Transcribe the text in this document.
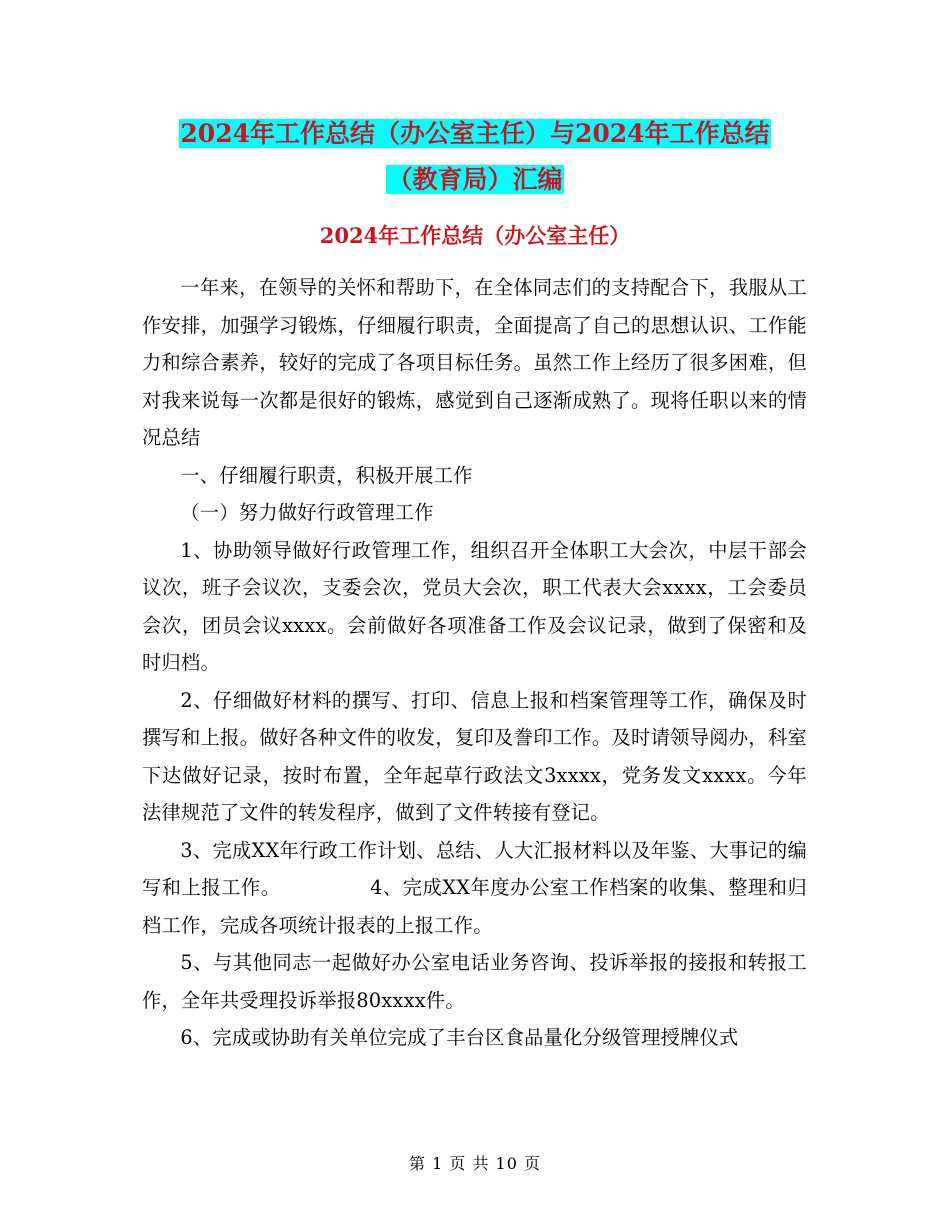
2024年工作总结（办公室主任）与2024年工作总结
（教育局）汇编
2024年工作总结（办公室主任）

一年来，在领导的关怀和帮助下，在全体同志们的支持配合下，我服从工作安排，加强学习锻炼，仔细履行职责，全面提高了自己的思想认识、工作能力和综合素养，较好的完成了各项目标任务。虽然工作上经历了很多困难，但对我来说每一次都是很好的锻炼，感觉到自己逐渐成熟了。现将任职以来的情况总结

一、仔细履行职责，积极开展工作

（一）努力做好行政管理工作

1、协助领导做好行政管理工作，组织召开全体职工大会次，中层干部会议次，班子会议次，支委会次，党员大会次，职工代表大会xxxx，工会委员会次，团员会议xxxx。会前做好各项准备工作及会议记录，做到了保密和及时归档。

2、仔细做好材料的撰写、打印、信息上报和档案管理等工作，确保及时撰写和上报。做好各种文件的收发，复印及誊印工作。及时请领导阅办，科室下达做好记录，按时布置，全年起草行政法文3xxxx，党务发文xxxx。今年法律规范了文件的转发程序，做到了文件转接有登记。

3、完成XX年行政工作计划、总结、人大汇报材料以及年鉴、大事记的编写和上报工作。　　　　　4、完成XX年度办公室工作档案的收集、整理和归档工作，完成各项统计报表的上报工作。

5、与其他同志一起做好办公室电话业务咨询、投诉举报的接报和转报工作，全年共受理投诉举报80xxxx件。

6、完成或协助有关单位完成了丰台区食品量化分级管理授牌仪式

第 1 页 共 10 页
